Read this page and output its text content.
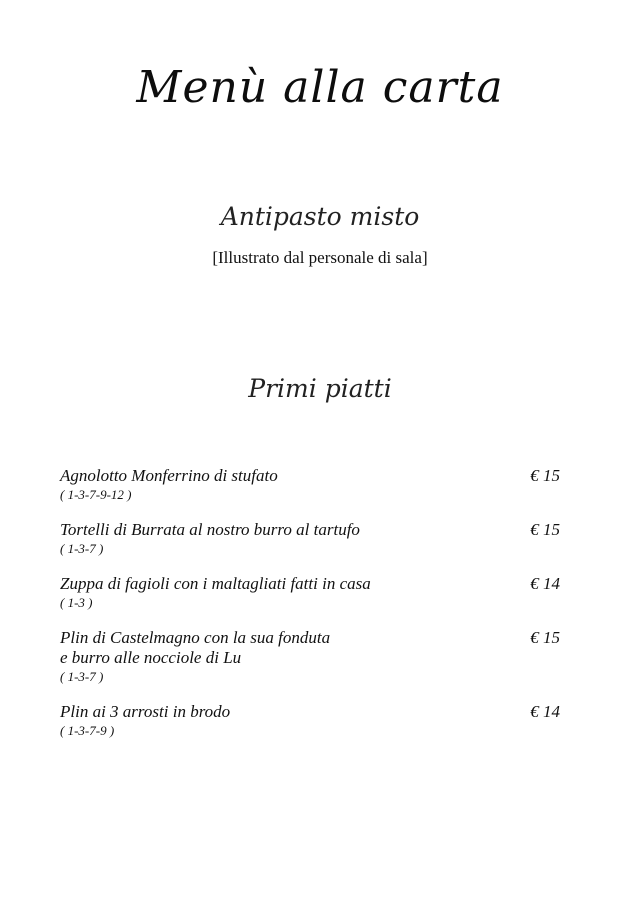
Menù alla carta
Antipasto misto
[Illustrato dal personale di sala]
Primi piatti
Agnolotto Monferrino di stufato
( 1-3-7-9-12 )
€ 15
Tortelli di Burrata al nostro burro al tartufo
( 1-3-7 )
€ 15
Zuppa di fagioli con i maltagliati fatti in casa
( 1-3 )
€ 14
Plin di Castelmagno con la sua fonduta
e burro alle nocciole di Lu
( 1-3-7 )
€ 15
Plin ai 3 arrosti in brodo
( 1-3-7-9 )
€ 14
